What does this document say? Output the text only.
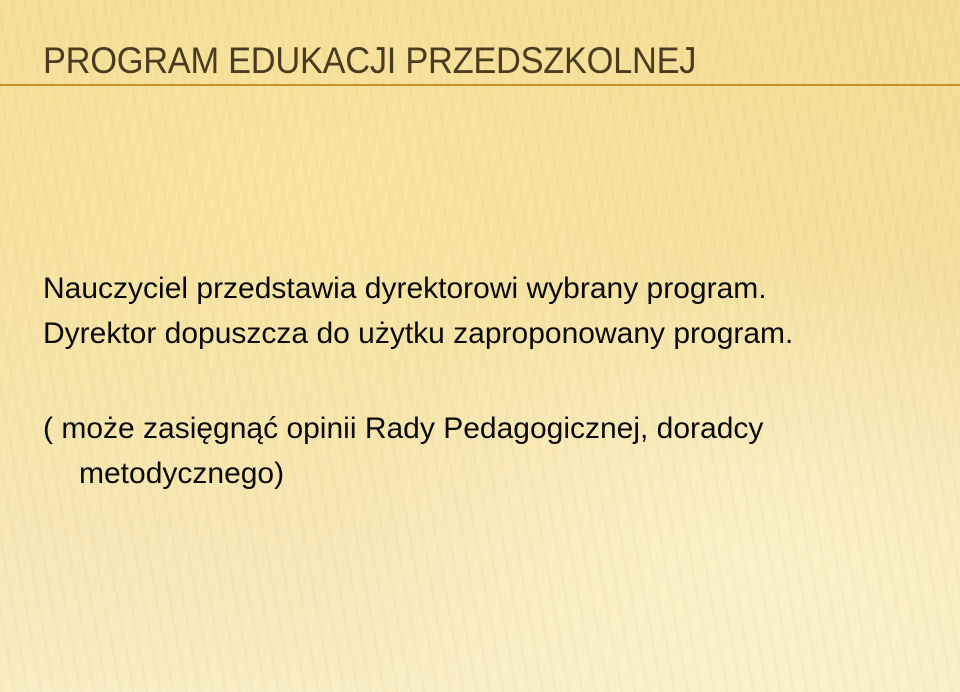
PROGRAM EDUKACJI PRZEDSZKOLNEJ

Nauczyciel przedstawia dyrektorowi wybrany program.

Dyrektor dopuszcza do użytku zaproponowany program.

( może zasięgnąć opinii Rady Pedagogicznej, doradcy metodycznego)
